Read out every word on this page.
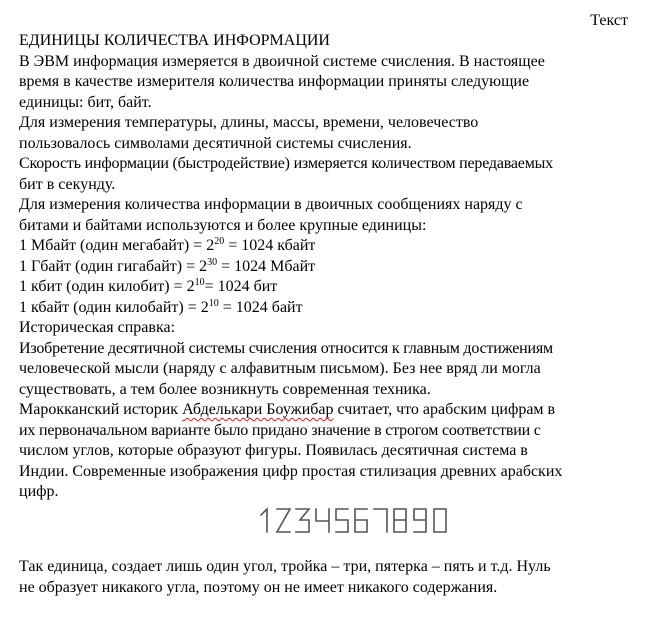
Текст
ЕДИНИЦЫ КОЛИЧЕСТВА ИНФОРМАЦИИ
В ЭВМ информация измеряется в двоичной системе счисления. В настоящее
время в качестве измерителя количества информации приняты следующие
единицы: бит, байт.
Для измерения температуры, длины, массы, времени, человечество
пользовалось символами десятичной системы счисления.
Скорость информации (быстродействие) измеряется количеством передаваемых
бит в секунду.
Для измерения количества информации в двоичных сообщениях наряду с
битами и байтами используются и более крупные единицы:
1 Мбайт (один мегабайт) = $2^{20} = 1024$ кбайт
1 Гбайт (один гигабайт) = $2^{30} = 1024$ Мбайт
1 кбит (один килобит) = $2^{10}= 1024$ бит
1 кбайт (один килобайт) = $2^{10} = 1024$ байт
Историческая справка:
Изобретение десятичной системы счисления относится к главным достижениям
человеческой мысли (наряду с алфавитным письмом). Без нее вряд ли могла
существовать, а тем более возникнуть современная техника.
Марокканский историк Абделькари Боужибар считает, что арабским цифрам в
их первоначальном варианте было придано значение в строгом соответствии с
числом углов, которые образуют фигуры. Появилась десятичная система в
Индии. Современные изображения цифр простая стилизация древних арабских
цифр.
Так единица, создает лишь один угол, тройка – три, пятерка – пять и т.д. Нуль
не образует никакого угла, поэтому он не имеет никакого содержания.
